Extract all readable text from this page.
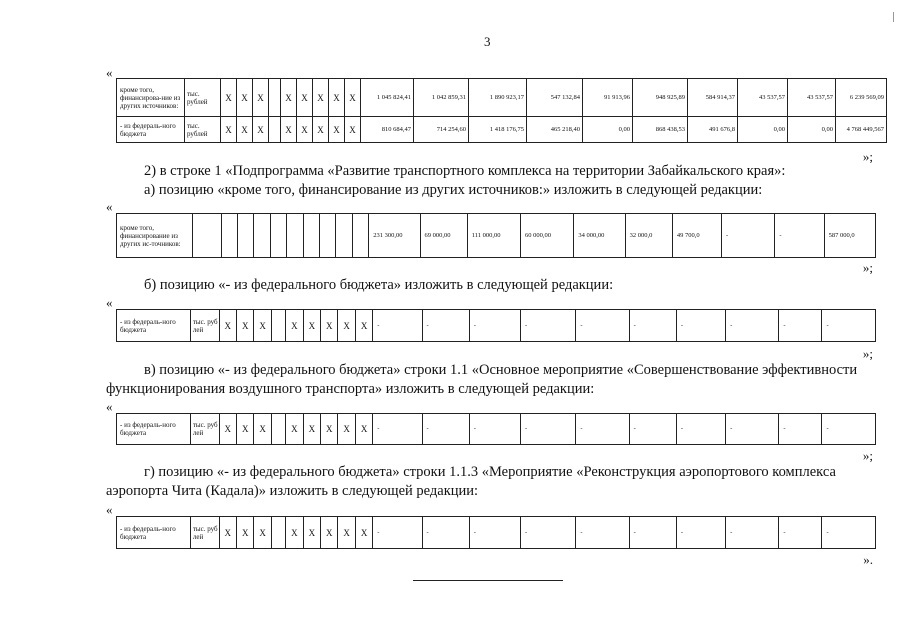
3
«
кроме того, финансирова-ние из других источников:	тыс. рублей	Х	Х	Х		Х	Х	Х	Х	Х	1 045 824,41	1 042 859,31	1 890 923,17	547 132,84	91 913,96	948 925,89	584 914,37	43 537,57	43 537,57	6 239 569,09
- из федераль-ного бюджета	тыс. рублей	Х	Х	Х		Х	Х	Х	Х	Х	810 684,47	714 254,60	1 418 176,75	465 218,40	0,00	868 438,53	491 676,8	0,00	0,00	4 768 449,567
»;
2) в строке 1 «Подпрограмма «Развитие транспортного комплекса на территории Забайкальского края»:
а) позицию «кроме того, финансирование из других источников:» изложить в следующей редакции:
«
кроме того, финансирование из других ис-точников:											231 300,00	69 000,00	111 000,00	60 000,00	34 000,00	32 000,0	49 700,0	-	-	587 000,0
»;
б) позицию «- из федерального бюджета» изложить в следующей редакции:
«
- из федераль-ного бюджета	тыс. руб лей	Х	Х	Х		Х	Х	Х	Х	Х	-	-	-	-	-	-	-	-	-	-
»;
в) позицию «- из федерального бюджета» строки 1.1 «Основное мероприятие «Совершенствование эффективности функционирования воздушного транспорта» изложить в следующей редакции:
«
- из федераль-ного бюджета	тыс. руб лей	Х	Х	Х		Х	Х	Х	Х	Х	-	-	-	-	-	-	-	-	-	-
»;
г) позицию «- из федерального бюджета» строки 1.1.3 «Мероприятие «Реконструкция аэропортового комплекса аэропорта Чита (Кадала)» изложить в следующей редакции:
«
- из федераль-ного бюджета	тыс. руб лей	Х	Х	Х		Х	Х	Х	Х	Х	-	-	-	-	-	-	-	-	-	-
».
